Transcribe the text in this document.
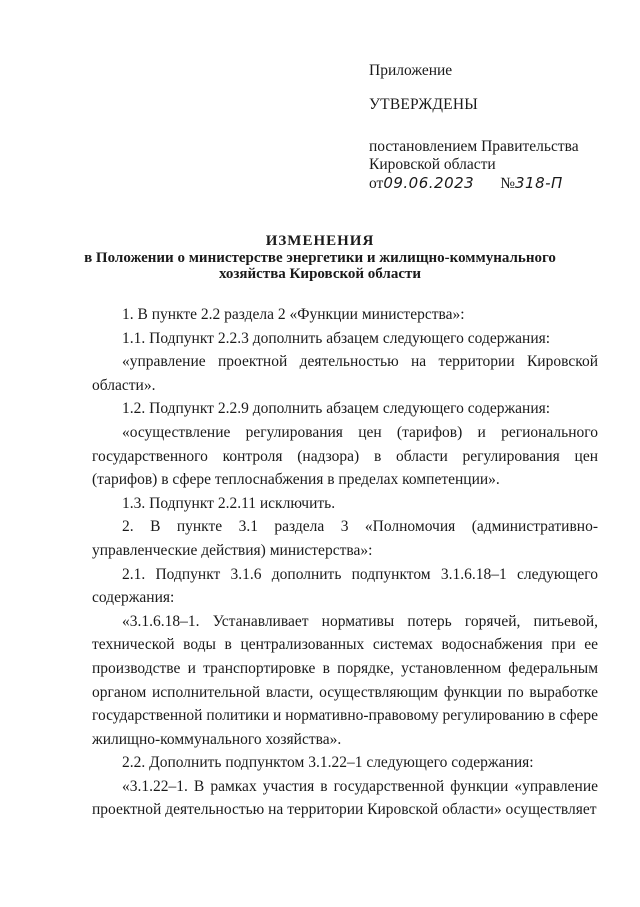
Приложение
УТВЕРЖДЕНЫ
постановлением Правительства
Кировской области
от 09.06.2023 № 318-П
ИЗМЕНЕНИЯ
в Положении о министерстве энергетики и жилищно-коммунального
хозяйства Кировской области
1. В пункте 2.2 раздела 2 «Функции министерства»:
1.1. Подпункт 2.2.3 дополнить абзацем следующего содержания:
«управление проектной деятельностью на территории Кировской области».
1.2. Подпункт 2.2.9 дополнить абзацем следующего содержания:
«осуществление регулирования цен (тарифов) и регионального государственного контроля (надзора) в области регулирования цен (тарифов) в сфере теплоснабжения в пределах компетенции».
1.3. Подпункт 2.2.11 исключить.
2. В пункте 3.1 раздела 3 «Полномочия (административно-управленческие действия) министерства»:
2.1. Подпункт 3.1.6 дополнить подпунктом 3.1.6.18–1 следующего содержания:
«3.1.6.18–1. Устанавливает нормативы потерь горячей, питьевой, технической воды в централизованных системах водоснабжения при ее производстве и транспортировке в порядке, установленном федеральным органом исполнительной власти, осуществляющим функции по выработке государственной политики и нормативно-правовому регулированию в сфере жилищно-коммунального хозяйства».
2.2. Дополнить подпунктом 3.1.22–1 следующего содержания:
«3.1.22–1. В рамках участия в государственной функции «управление проектной деятельностью на территории Кировской области» осуществляет
